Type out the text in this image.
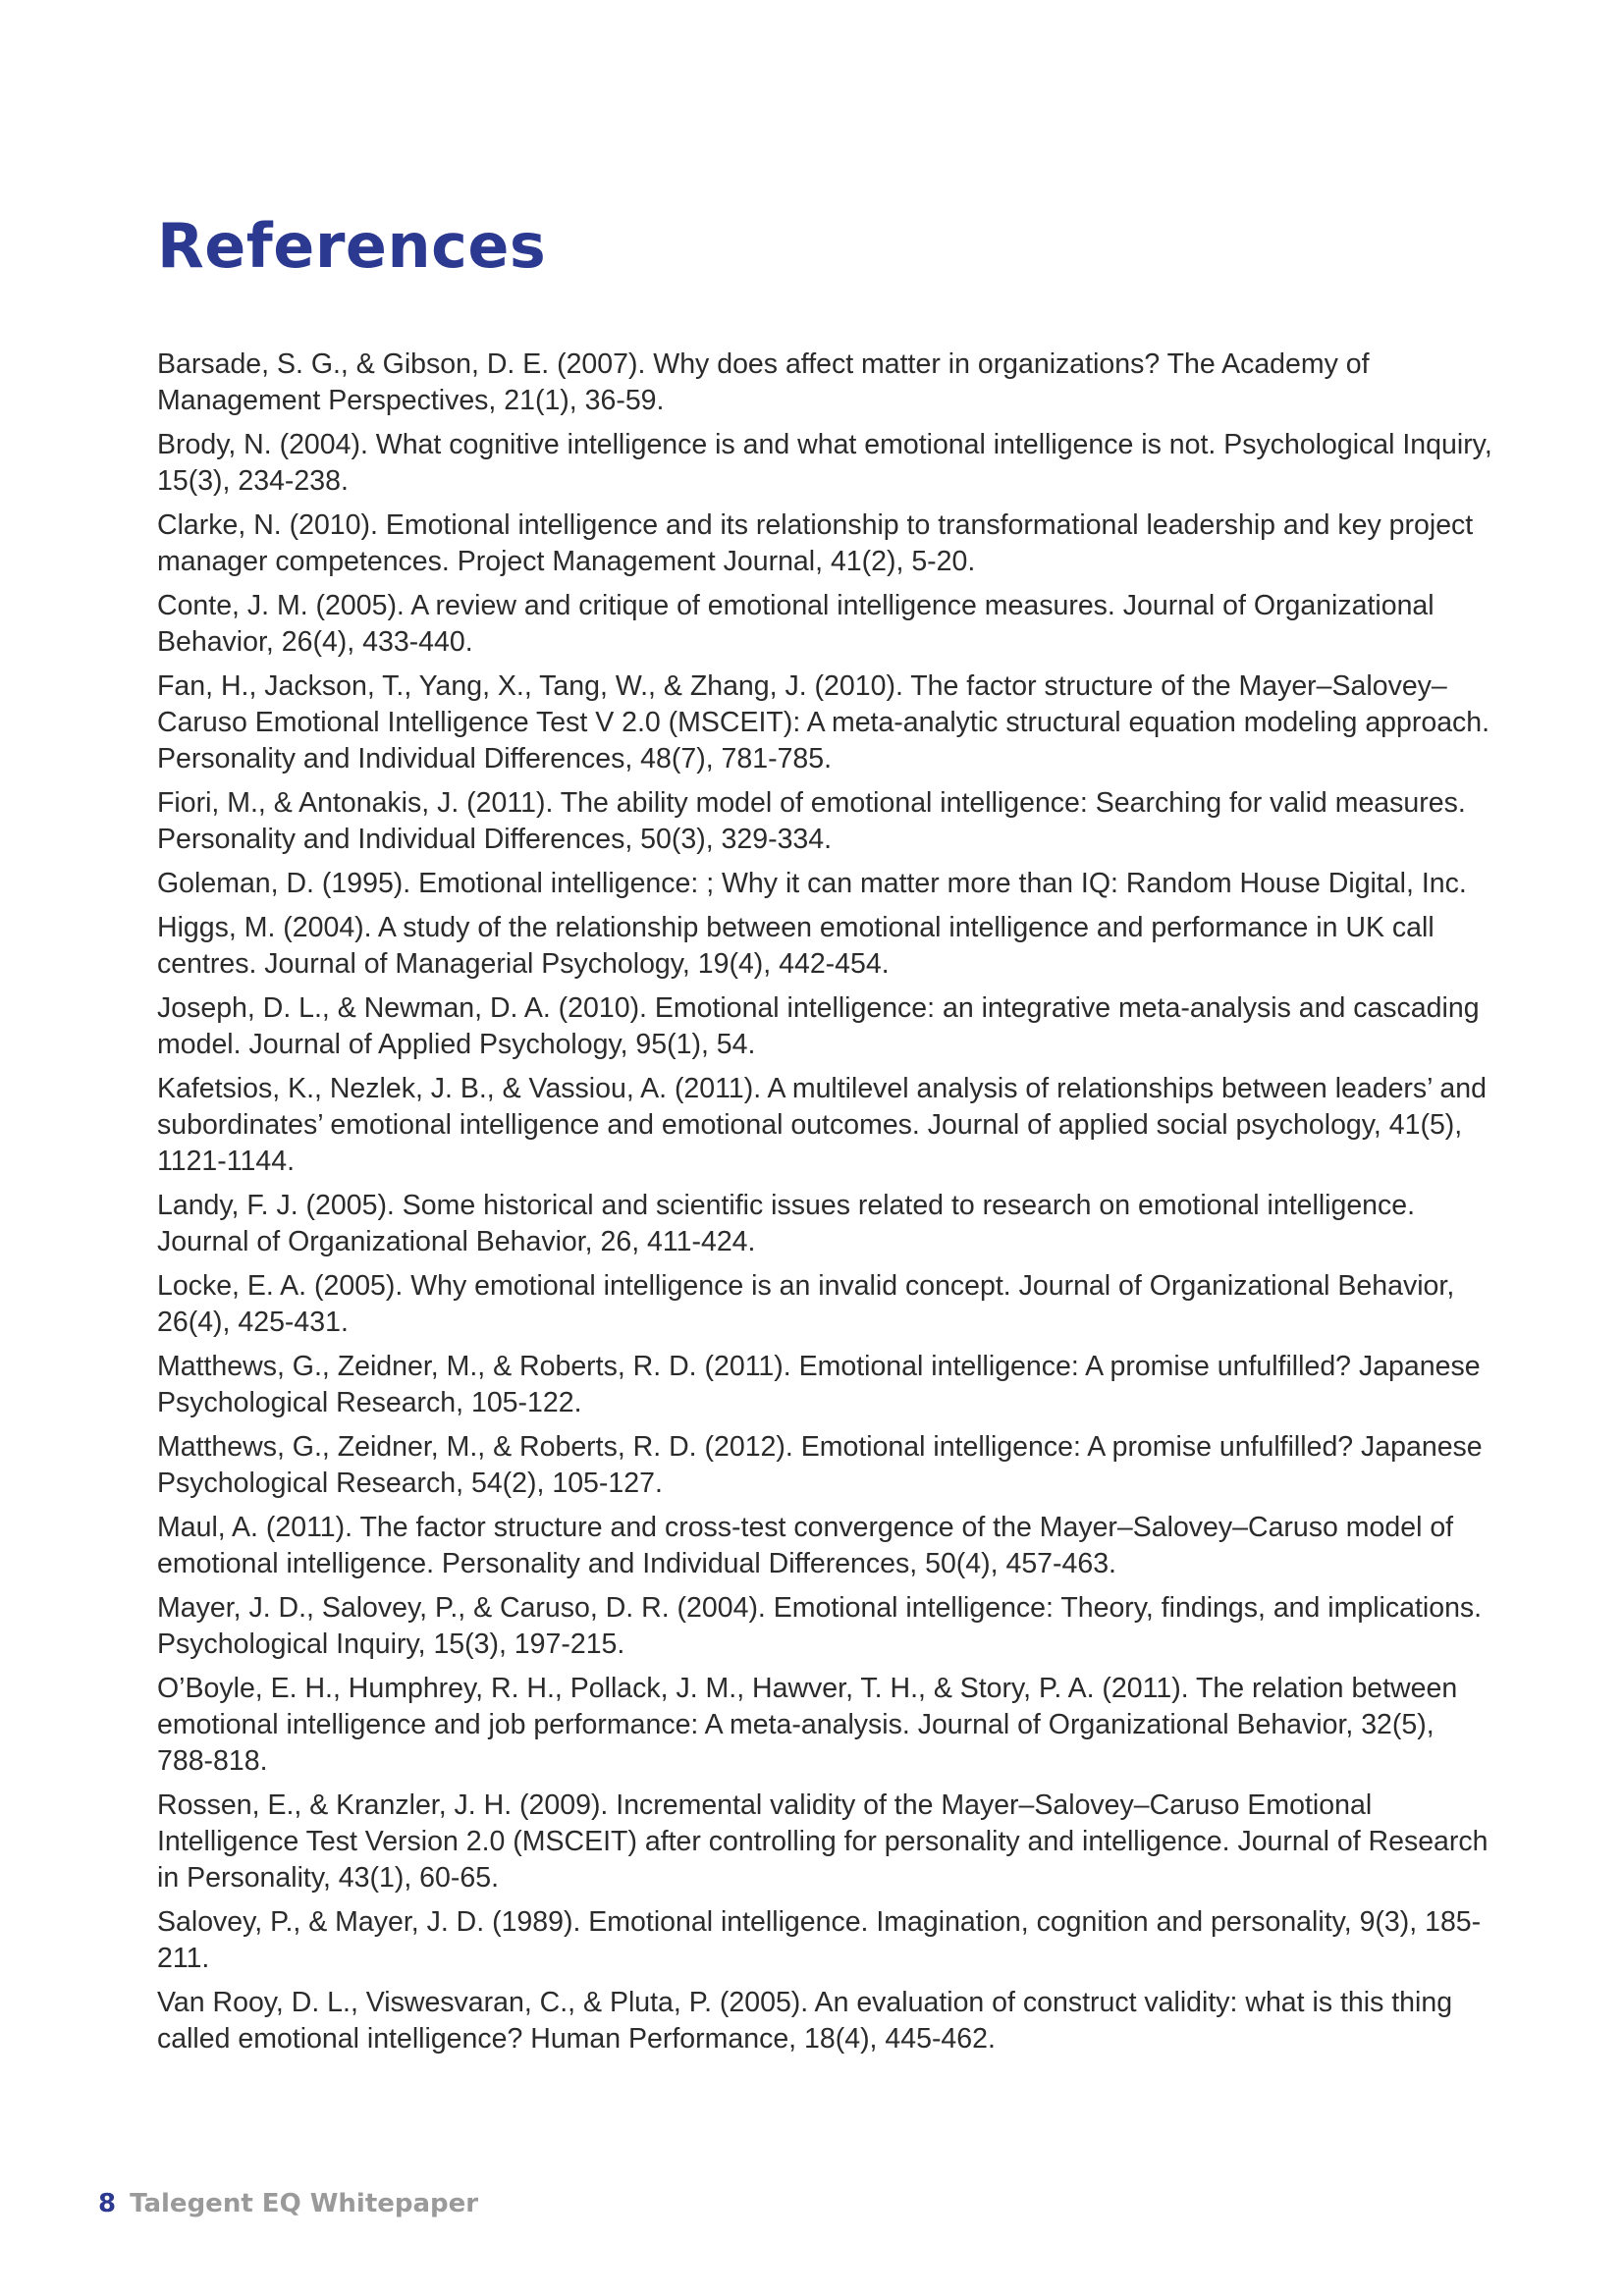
References
Barsade, S. G., & Gibson, D. E. (2007). Why does affect matter in organizations? The Academy of Management Perspectives, 21(1), 36-59.
Brody, N. (2004). What cognitive intelligence is and what emotional intelligence is not. Psychological Inquiry, 15(3), 234-238.
Clarke, N. (2010). Emotional intelligence and its relationship to transformational leadership and key project manager competences. Project Management Journal, 41(2), 5-20.
Conte, J. M. (2005). A review and critique of emotional intelligence measures. Journal of Organizational Behavior, 26(4), 433-440.
Fan, H., Jackson, T., Yang, X., Tang, W., & Zhang, J. (2010). The factor structure of the Mayer–Salovey–Caruso Emotional Intelligence Test V 2.0 (MSCEIT): A meta-analytic structural equation modeling approach. Personality and Individual Differences, 48(7), 781-785.
Fiori, M., & Antonakis, J. (2011). The ability model of emotional intelligence: Searching for valid measures. Personality and Individual Differences, 50(3), 329-334.
Goleman, D. (1995). Emotional intelligence: ; Why it can matter more than IQ: Random House Digital, Inc.
Higgs, M. (2004). A study of the relationship between emotional intelligence and performance in UK call centres. Journal of Managerial Psychology, 19(4), 442-454.
Joseph, D. L., & Newman, D. A. (2010). Emotional intelligence: an integrative meta-analysis and cascading model. Journal of Applied Psychology, 95(1), 54.
Kafetsios, K., Nezlek, J. B., & Vassiou, A. (2011). A multilevel analysis of relationships between leaders’ and subordinates’ emotional intelligence and emotional outcomes. Journal of applied social psychology, 41(5), 1121-1144.
Landy, F. J. (2005). Some historical and scientific issues related to research on emotional intelligence. Journal of Organizational Behavior, 26, 411-424.
Locke, E. A. (2005). Why emotional intelligence is an invalid concept. Journal of Organizational Behavior, 26(4), 425-431.
Matthews, G., Zeidner, M., & Roberts, R. D. (2011). Emotional intelligence: A promise unfulfilled? Japanese Psychological Research, 105-122.
Matthews, G., Zeidner, M., & Roberts, R. D. (2012). Emotional intelligence: A promise unfulfilled? Japanese Psychological Research, 54(2), 105-127.
Maul, A. (2011). The factor structure and cross-test convergence of the Mayer–Salovey–Caruso model of emotional intelligence. Personality and Individual Differences, 50(4), 457-463.
Mayer, J. D., Salovey, P., & Caruso, D. R. (2004). Emotional intelligence: Theory, findings, and implications. Psychological Inquiry, 15(3), 197-215.
O’Boyle, E. H., Humphrey, R. H., Pollack, J. M., Hawver, T. H., & Story, P. A. (2011). The relation between emotional intelligence and job performance: A meta-analysis. Journal of Organizational Behavior, 32(5), 788-818.
Rossen, E., & Kranzler, J. H. (2009). Incremental validity of the Mayer–Salovey–Caruso Emotional Intelligence Test Version 2.0 (MSCEIT) after controlling for personality and intelligence. Journal of Research in Personality, 43(1), 60-65.
Salovey, P., & Mayer, J. D. (1989). Emotional intelligence. Imagination, cognition and personality, 9(3), 185-211.
Van Rooy, D. L., Viswesvaran, C., & Pluta, P. (2005). An evaluation of construct validity: what is this thing called emotional intelligence? Human Performance, 18(4), 445-462.
8 Talegent EQ Whitepaper
